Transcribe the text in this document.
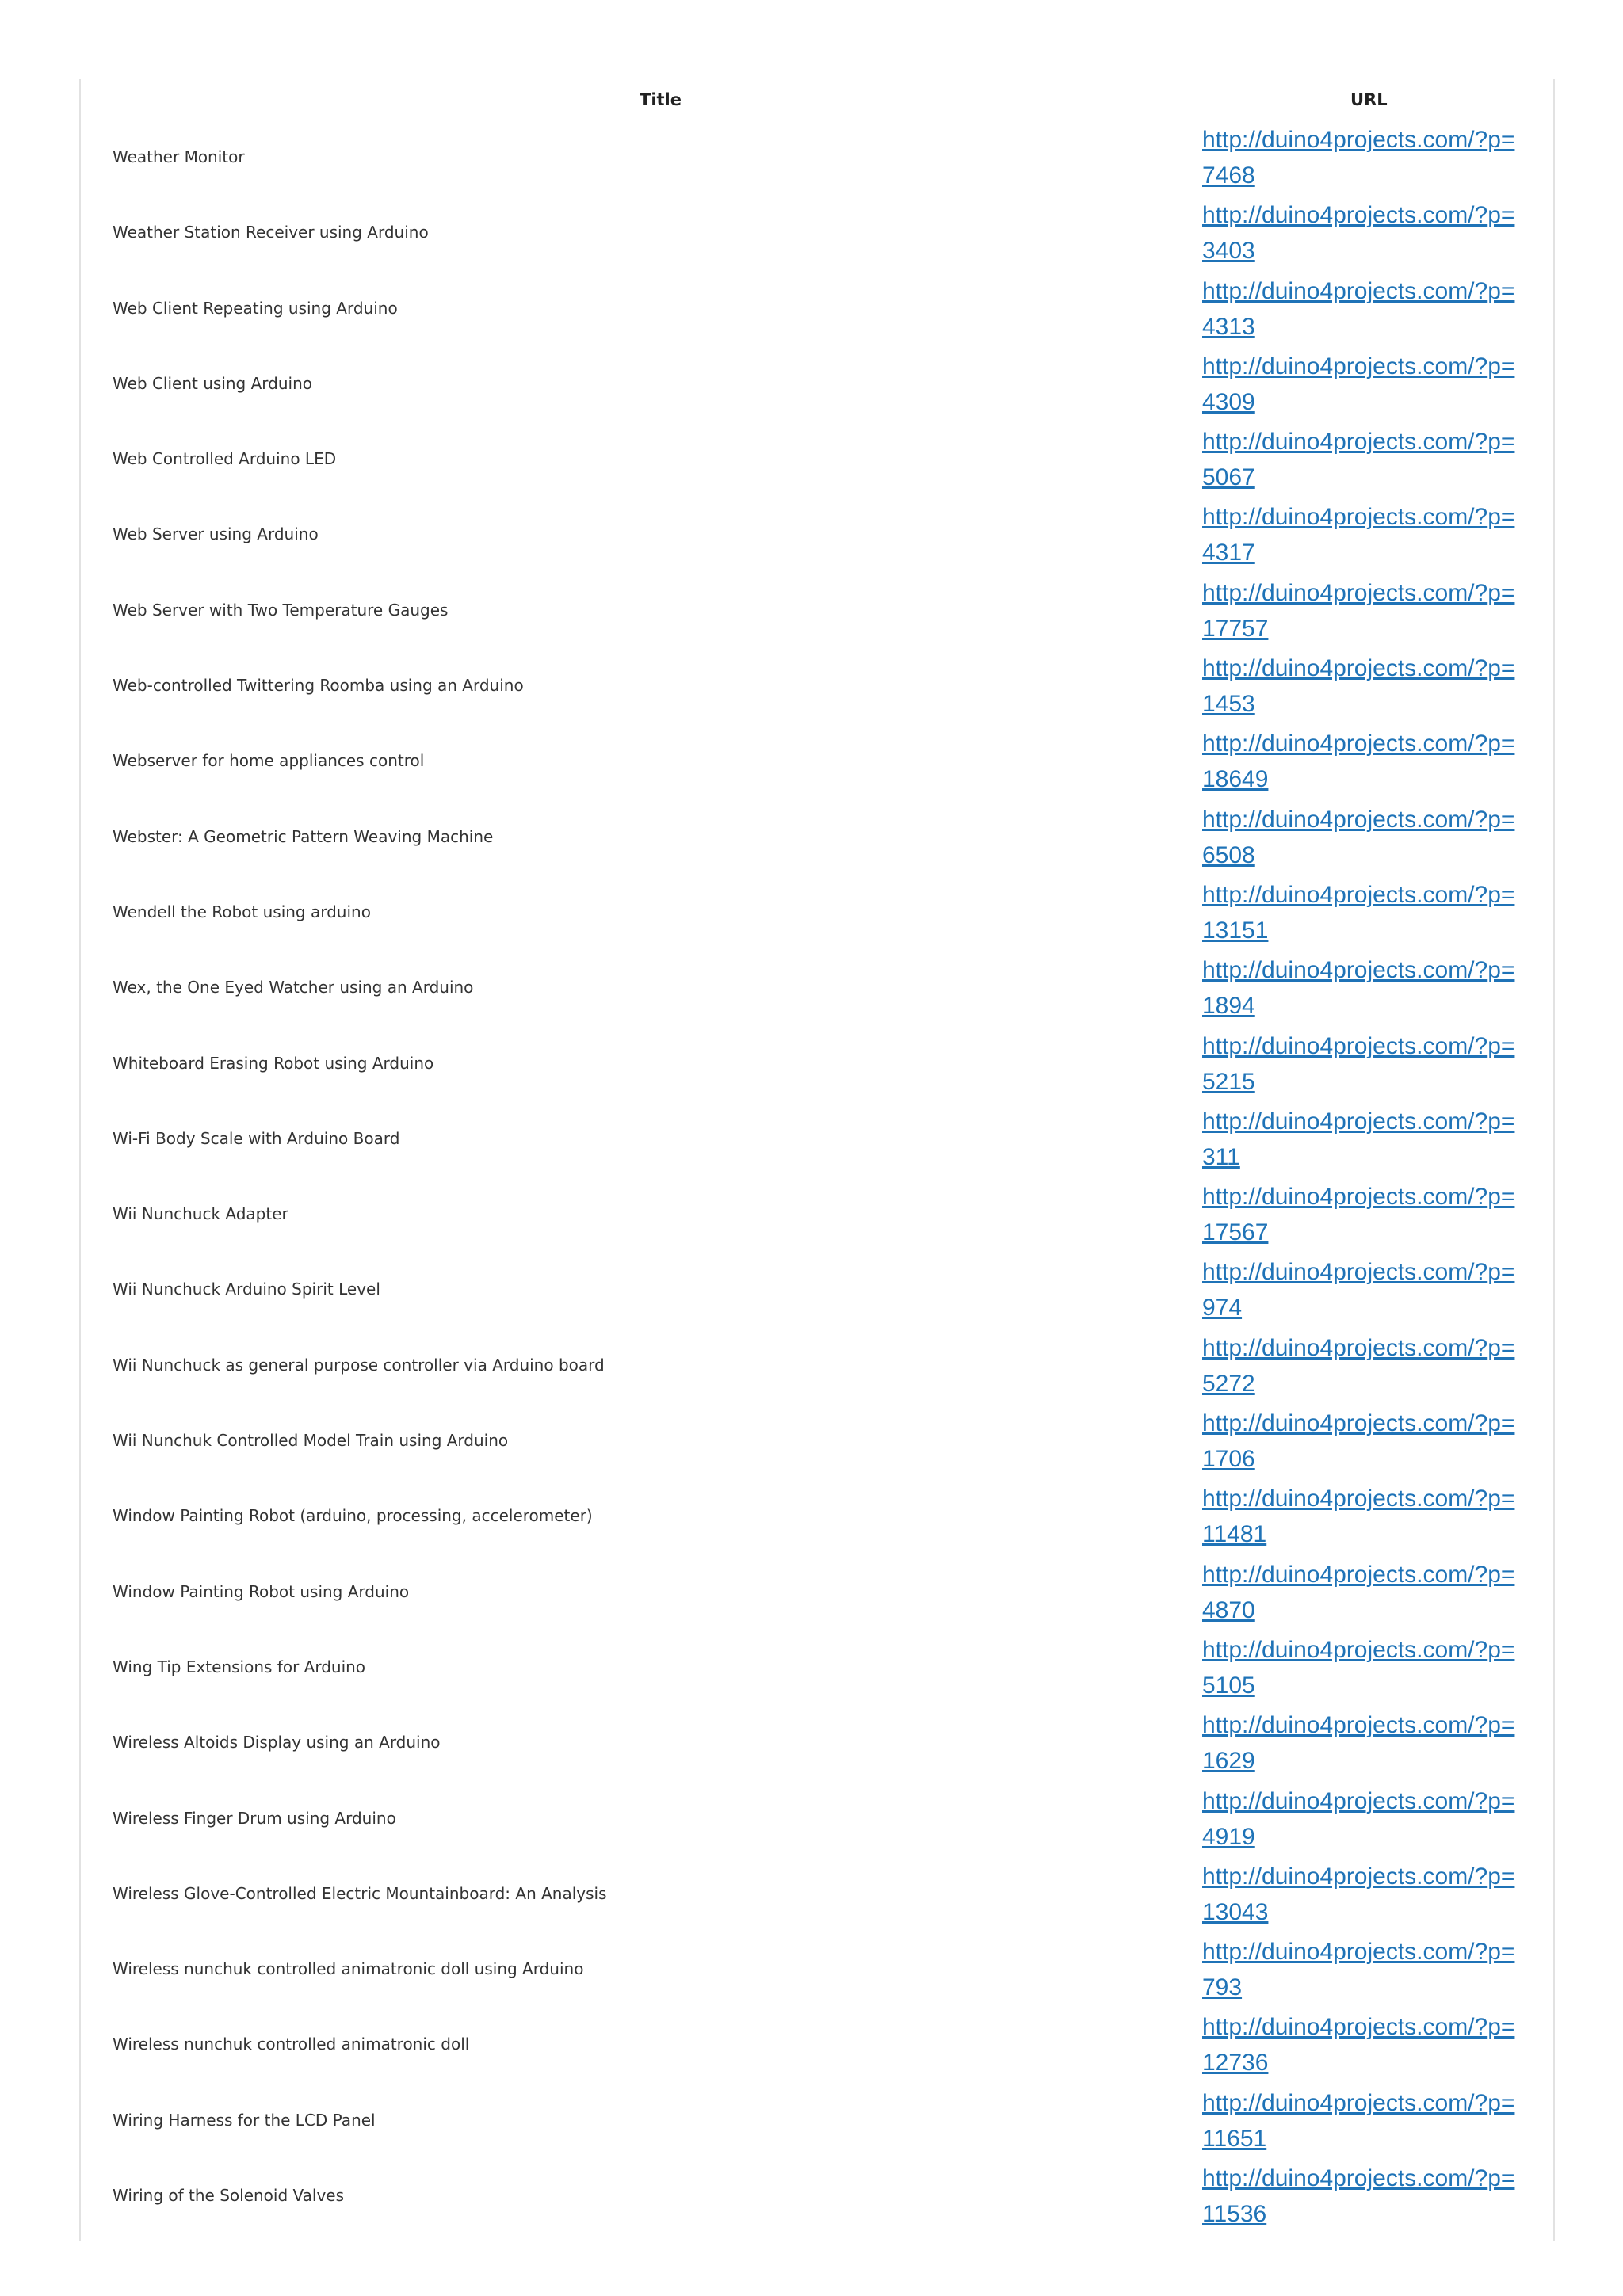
Title	URL
Weather Monitor
http://duino4projects.com/?p=7468
Weather Station Receiver using Arduino
http://duino4projects.com/?p=3403
Web Client Repeating using Arduino
http://duino4projects.com/?p=4313
Web Client using Arduino
http://duino4projects.com/?p=4309
Web Controlled Arduino LED
http://duino4projects.com/?p=5067
Web Server using Arduino
http://duino4projects.com/?p=4317
Web Server with Two Temperature Gauges
http://duino4projects.com/?p=17757
Web-controlled Twittering Roomba using an Arduino
http://duino4projects.com/?p=1453
Webserver for home appliances control
http://duino4projects.com/?p=18649
Webster: A Geometric Pattern Weaving Machine
http://duino4projects.com/?p=6508
Wendell the Robot using arduino
http://duino4projects.com/?p=13151
Wex, the One Eyed Watcher using an Arduino
http://duino4projects.com/?p=1894
Whiteboard Erasing Robot using Arduino
http://duino4projects.com/?p=5215
Wi-Fi Body Scale with Arduino Board
http://duino4projects.com/?p=311
Wii Nunchuck Adapter
http://duino4projects.com/?p=17567
Wii Nunchuck Arduino Spirit Level
http://duino4projects.com/?p=974
Wii Nunchuck as general purpose controller via Arduino board
http://duino4projects.com/?p=5272
Wii Nunchuk Controlled Model Train using Arduino
http://duino4projects.com/?p=1706
Window Painting Robot (arduino, processing, accelerometer)
http://duino4projects.com/?p=11481
Window Painting Robot using Arduino
http://duino4projects.com/?p=4870
Wing Tip Extensions for Arduino
http://duino4projects.com/?p=5105
Wireless Altoids Display using an Arduino
http://duino4projects.com/?p=1629
Wireless Finger Drum using Arduino
http://duino4projects.com/?p=4919
Wireless Glove-Controlled Electric Mountainboard: An Analysis
http://duino4projects.com/?p=13043
Wireless nunchuk controlled animatronic doll using Arduino
http://duino4projects.com/?p=793
Wireless nunchuk controlled animatronic doll
http://duino4projects.com/?p=12736
Wiring Harness for the LCD Panel
http://duino4projects.com/?p=11651
Wiring of the Solenoid Valves
http://duino4projects.com/?p=11536
